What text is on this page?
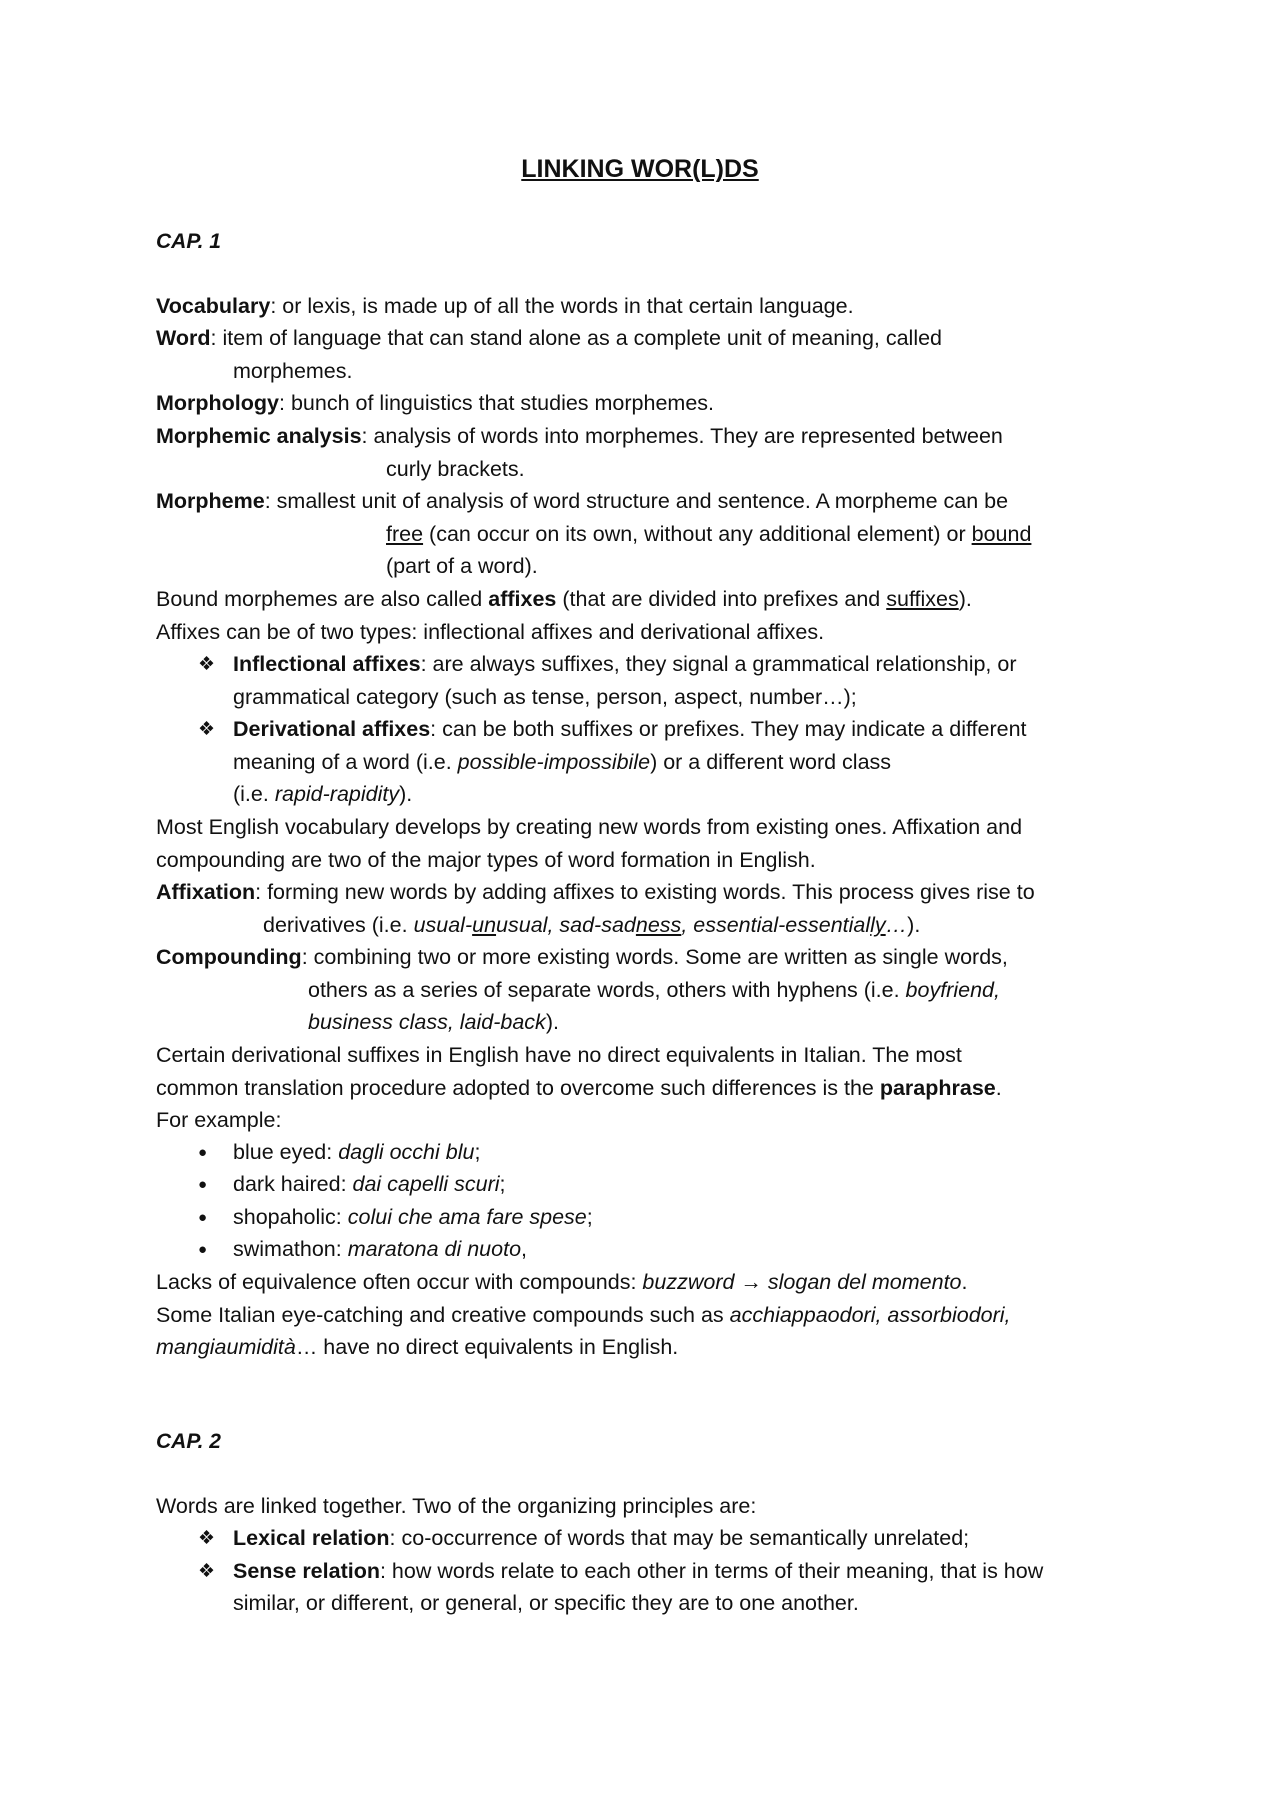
LINKING WOR(L)DS
CAP. 1
Vocabulary: or lexis, is made up of all the words in that certain language.
Word: item of language that can stand alone as a complete unit of meaning, called
morphemes.
Morphology: bunch of linguistics that studies morphemes.
Morphemic analysis: analysis of words into morphemes. They are represented between
curly brackets.
Morpheme: smallest unit of analysis of word structure and sentence. A morpheme can be
free (can occur on its own, without any additional element) or bound
(part of a word).
Bound morphemes are also called affixes (that are divided into prefixes and suffixes).
Affixes can be of two types: inflectional affixes and derivational affixes.
❖ Inflectional affixes: are always suffixes, they signal a grammatical relationship, or
grammatical category (such as tense, person, aspect, number…);
❖ Derivational affixes: can be both suffixes or prefixes. They may indicate a different
meaning of a word (i.e. possible-impossibile) or a different word class
(i.e. rapid-rapidity).
Most English vocabulary develops by creating new words from existing ones. Affixation and
compounding are two of the major types of word formation in English.
Affixation: forming new words by adding affixes to existing words. This process gives rise to
derivatives (i.e. usual-unusual, sad-sadness, essential-essentially…).
Compounding: combining two or more existing words. Some are written as single words,
others as a series of separate words, others with hyphens (i.e. boyfriend,
business class, laid-back).
Certain derivational suffixes in English have no direct equivalents in Italian. The most
common translation procedure adopted to overcome such differences is the paraphrase.
For example:
● blue eyed: dagli occhi blu;
● dark haired: dai capelli scuri;
● shopaholic: colui che ama fare spese;
● swimathon: maratona di nuoto,
Lacks of equivalence often occur with compounds: buzzword → slogan del momento.
Some Italian eye-catching and creative compounds such as acchiappaodori, assorbiodori,
mangiaumidità… have no direct equivalents in English.
CAP. 2
Words are linked together. Two of the organizing principles are:
❖ Lexical relation: co-occurrence of words that may be semantically unrelated;
❖ Sense relation: how words relate to each other in terms of their meaning, that is how
similar, or different, or general, or specific they are to one another.
